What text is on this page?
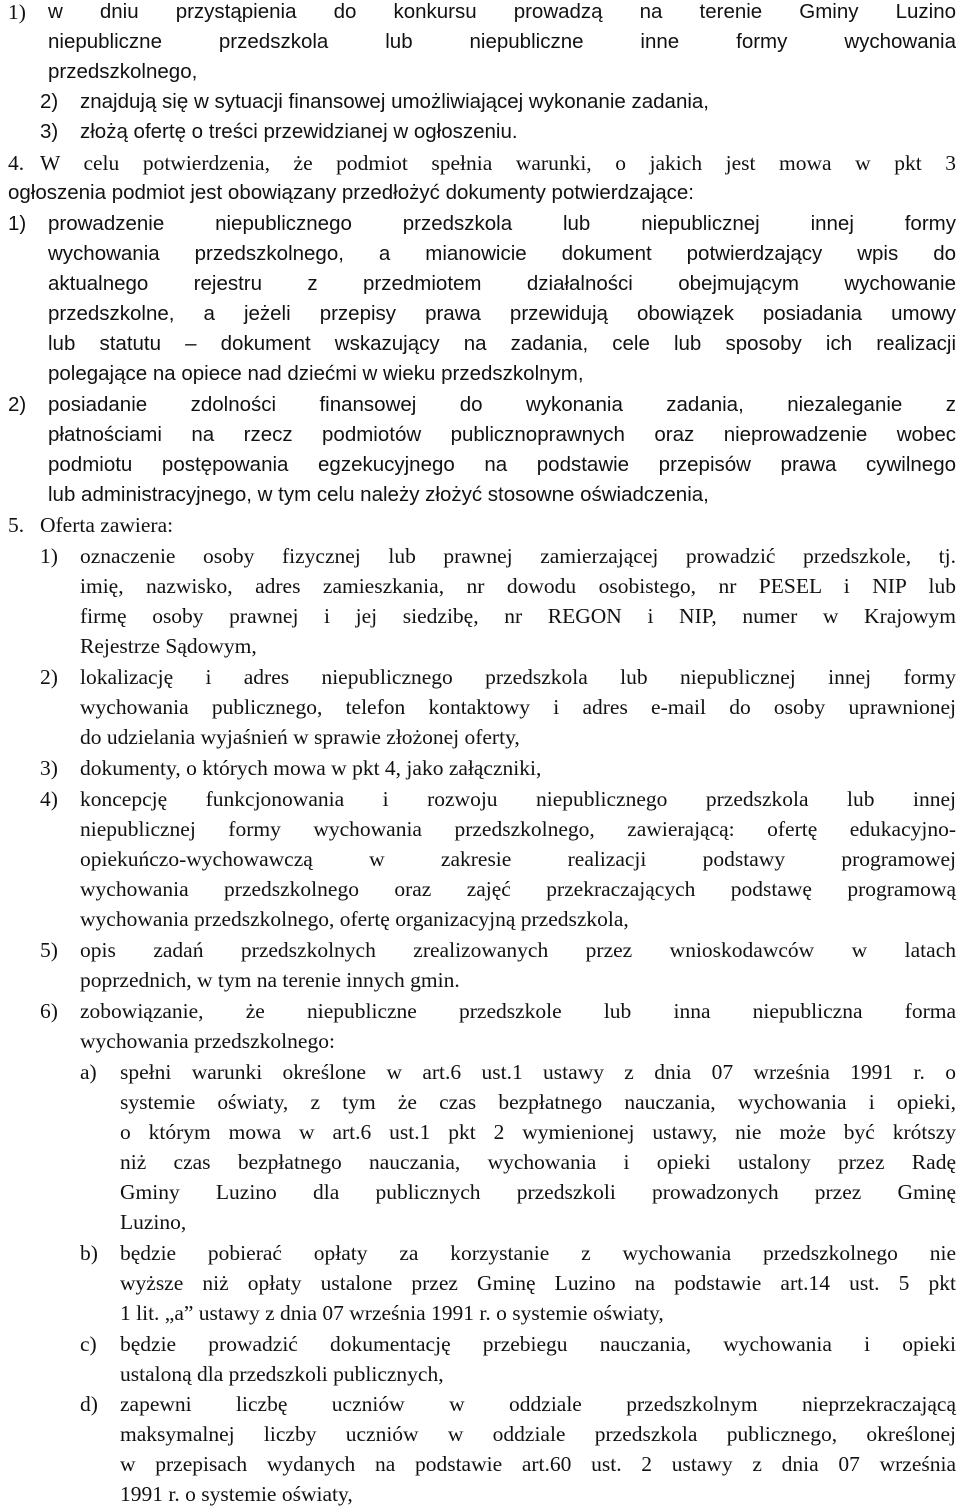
1) w dniu przystąpienia do konkursu prowadzą na terenie Gminy Luzino
niepubliczne przedszkola lub niepubliczne inne formy wychowania
przedszkolnego,
2) znajdują się w sytuacji finansowej umożliwiającej wykonanie zadania,
3) złożą ofertę o treści przewidzianej w ogłoszeniu.
4. W celu potwierdzenia, że podmiot spełnia warunki, o jakich jest mowa w pkt 3
ogłoszenia podmiot jest obowiązany przedłożyć dokumenty potwierdzające:
1) prowadzenie niepublicznego przedszkola lub niepublicznej innej formy
wychowania przedszkolnego, a mianowicie dokument potwierdzający wpis do
aktualnego rejestru z przedmiotem działalności obejmującym wychowanie
przedszkolne, a jeżeli przepisy prawa przewidują obowiązek posiadania umowy
lub statutu – dokument wskazujący na zadania, cele lub sposoby ich realizacji
polegające na opiece nad dziećmi w wieku przedszkolnym,
2) posiadanie zdolności finansowej do wykonania zadania, niezaleganie z
płatnościami na rzecz podmiotów publicznoprawnych oraz nieprowadzenie wobec
podmiotu postępowania egzekucyjnego na podstawie przepisów prawa cywilnego
lub administracyjnego, w tym celu należy złożyć stosowne oświadczenia,
5. Oferta zawiera:
1) oznaczenie osoby fizycznej lub prawnej zamierzającej prowadzić przedszkole, tj.
imię, nazwisko, adres zamieszkania, nr dowodu osobistego, nr PESEL i NIP lub
firmę osoby prawnej i jej siedzibę, nr REGON i NIP, numer w Krajowym
Rejestrze Sądowym,
2) lokalizację i adres niepublicznego przedszkola lub niepublicznej innej formy
wychowania publicznego, telefon kontaktowy i adres e-mail do osoby uprawnionej
do udzielania wyjaśnień w sprawie złożonej oferty,
3) dokumenty, o których mowa w pkt 4, jako załączniki,
4) koncepcję funkcjonowania i rozwoju niepublicznego przedszkola lub innej
niepublicznej formy wychowania przedszkolnego, zawierającą: ofertę edukacyjno-
opiekuńczo-wychowawczą w zakresie realizacji podstawy programowej
wychowania przedszkolnego oraz zajęć przekraczających podstawę programową
wychowania przedszkolnego, ofertę organizacyjną przedszkola,
5) opis zadań przedszkolnych zrealizowanych przez wnioskodawców w latach
poprzednich, w tym na terenie innych gmin.
6) zobowiązanie, że niepubliczne przedszkole lub inna niepubliczna forma
wychowania przedszkolnego:
a) spełni warunki określone w art.6 ust.1 ustawy z dnia 07 września 1991 r. o
systemie oświaty, z tym że czas bezpłatnego nauczania, wychowania i opieki,
o którym mowa w art.6 ust.1 pkt 2 wymienionej ustawy, nie może być krótszy
niż czas bezpłatnego nauczania, wychowania i opieki ustalony przez Radę
Gminy Luzino dla publicznych przedszkoli prowadzonych przez Gminę
Luzino,
b) będzie pobierać opłaty za korzystanie z wychowania przedszkolnego nie
wyższe niż opłaty ustalone przez Gminę Luzino na podstawie art.14 ust. 5 pkt
1 lit. „a” ustawy z dnia 07 września 1991 r. o systemie oświaty,
c) będzie prowadzić dokumentację przebiegu nauczania, wychowania i opieki
ustaloną dla przedszkoli publicznych,
d) zapewni liczbę uczniów w oddziale przedszkolnym nieprzekraczającą
maksymalnej liczby uczniów w oddziale przedszkola publicznego, określonej
w przepisach wydanych na podstawie art.60 ust. 2 ustawy z dnia 07 września
1991 r. o systemie oświaty,
